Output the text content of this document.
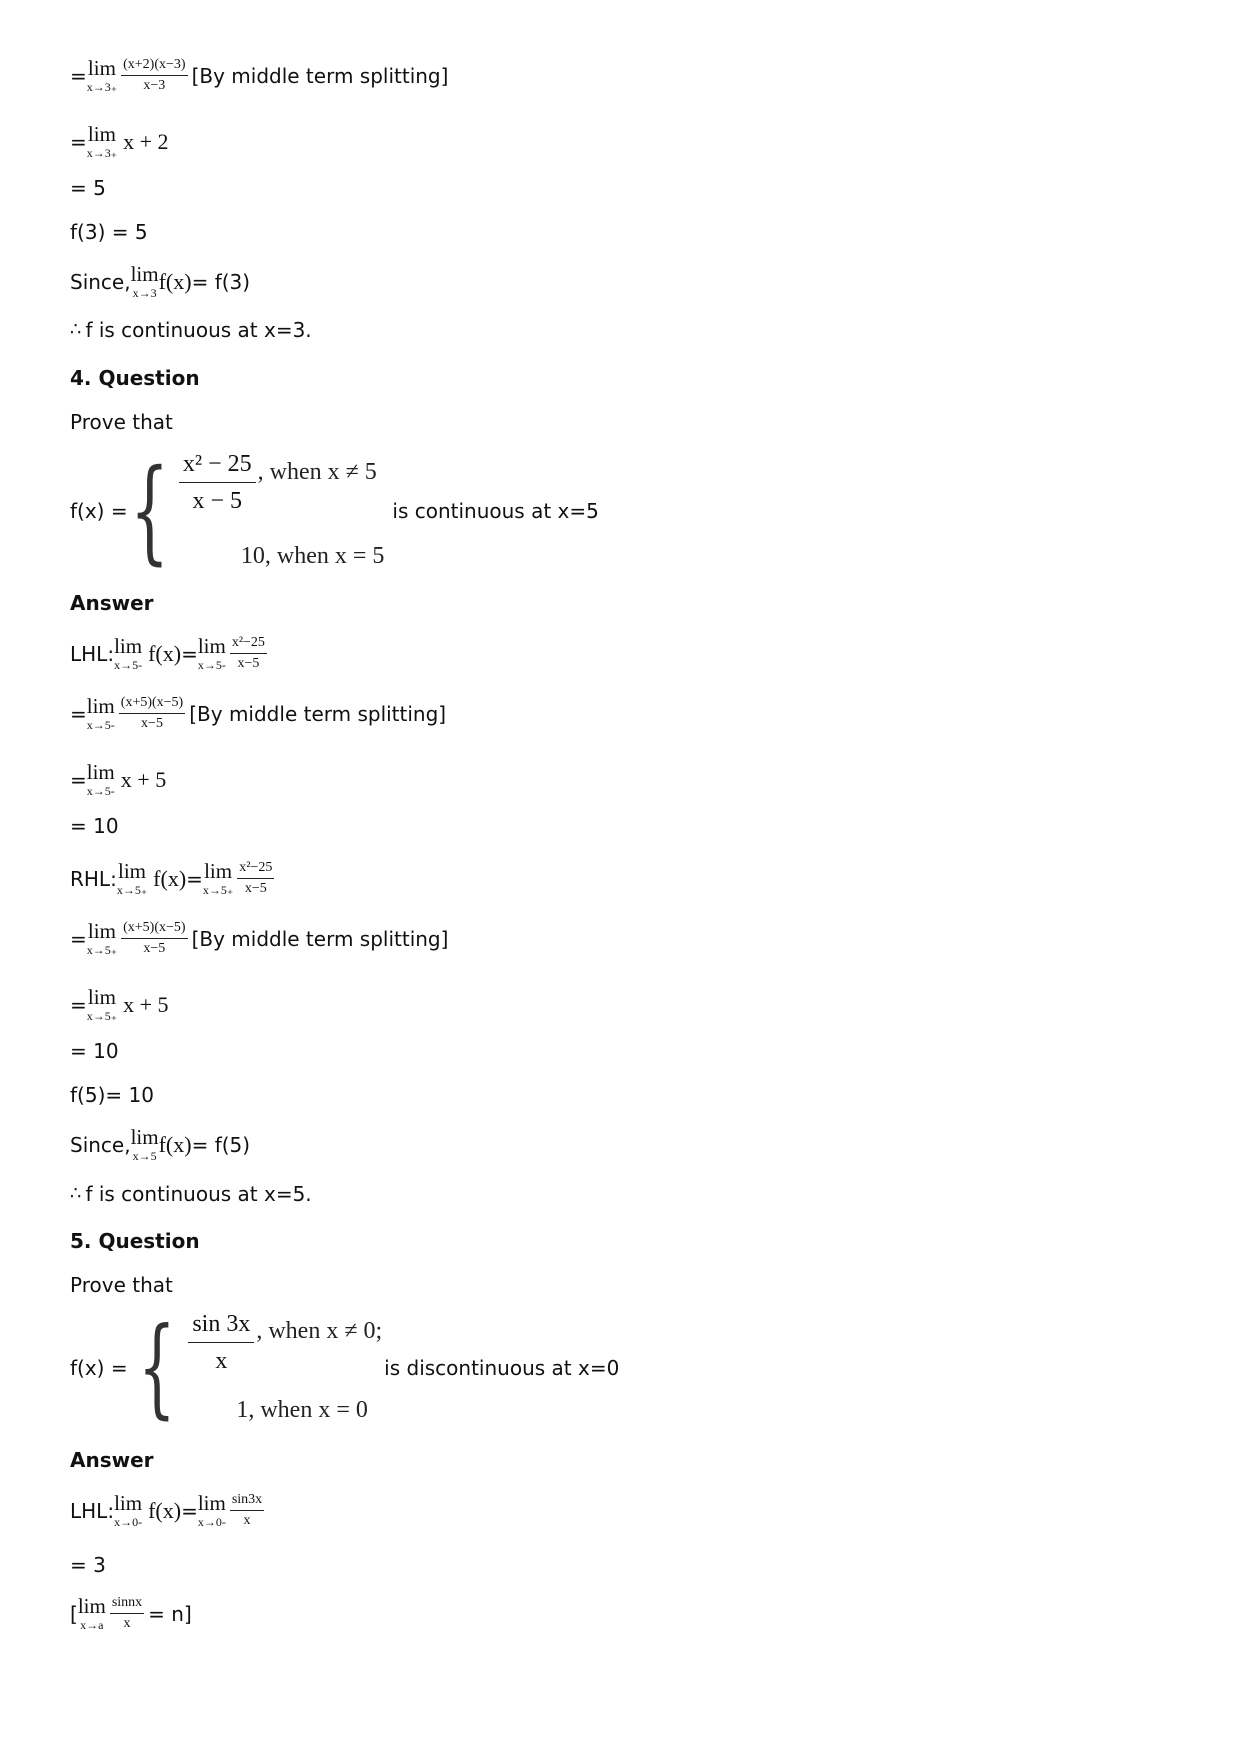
= lim
$x\to 3_+ \frac{(x+2)(x-3)}{x-3} [By$ middle term splitting]
= lim
x→3₊ x + 2
= 5
f(3) = 5
Since, lim
x→3 f(x) = f(3)
∴ f is continuous at x=3.
4. Question
Prove that
f(x) = { x² − 25
x − 5
, when x ≠ 5
10, when x = 5
is continuous at x=5
Answer
LHL: lim
x→5- f(x) = lim
$x\to 5- \frac{\text{x²−25}}{x-5}$
= lim
$x\to 5- \frac{(x+5)(x-5)}{x-5} [By$ middle term splitting]
= lim
x→5- x + 5
= 10
RHL: lim
x→5₊ f(x) = lim
$x\to 5_+ \frac{\text{x²−25}}{x-5}$
= lim
$x\to 5_+ \frac{(x+5)(x-5)}{x-5} [By$ middle term splitting]
= lim
x→5₊ x + 5
= 10
f(5)= 10
Since, lim
x→5 f(x) = f(5)
∴ f is continuous at x=5.
5. Question
Prove that
f(x) = { sin 3x
x
, when x ≠ 0;
1, when x = 0
is discontinuous at x=0
Answer
LHL: lim
x→0- f(x) = lim
$x\to 0- \frac{\sin 3x}{x}$
= 3
[ lim
$x\to a \frac{\text{sinnx}}{x} = n$]
